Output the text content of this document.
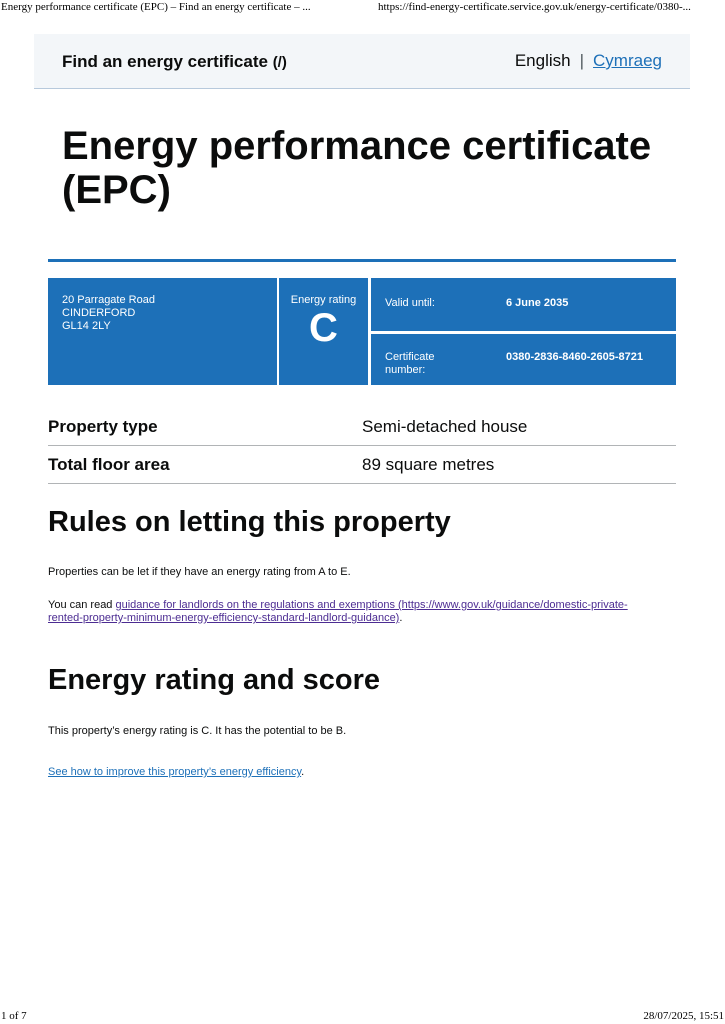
Energy performance certificate (EPC) – Find an energy certificate – ...	https://find-energy-certificate.service.gov.uk/energy-certificate/0380-...
Find an energy certificate (/)	English | Cymraeg
Energy performance certificate (EPC)
20 Parragate Road
CINDERFORD
GL14 2LY
Energy rating
C
Valid until:	6 June 2035
Certificate number:
0380-2836-8460-2605-8721
Property type	Semi-detached house
Total floor area	89 square metres
Rules on letting this property

Properties can be let if they have an energy rating from A to E.

You can read guidance for landlords on the regulations and exemptions (https://www.gov.uk/guidance/domestic-private-rented-property-minimum-energy-efficiency-standard-landlord-guidance).

Energy rating and score

This property’s energy rating is C. It has the potential to be B.

See how to improve this property’s energy efficiency.

1 of 7	28/07/2025, 15:51
